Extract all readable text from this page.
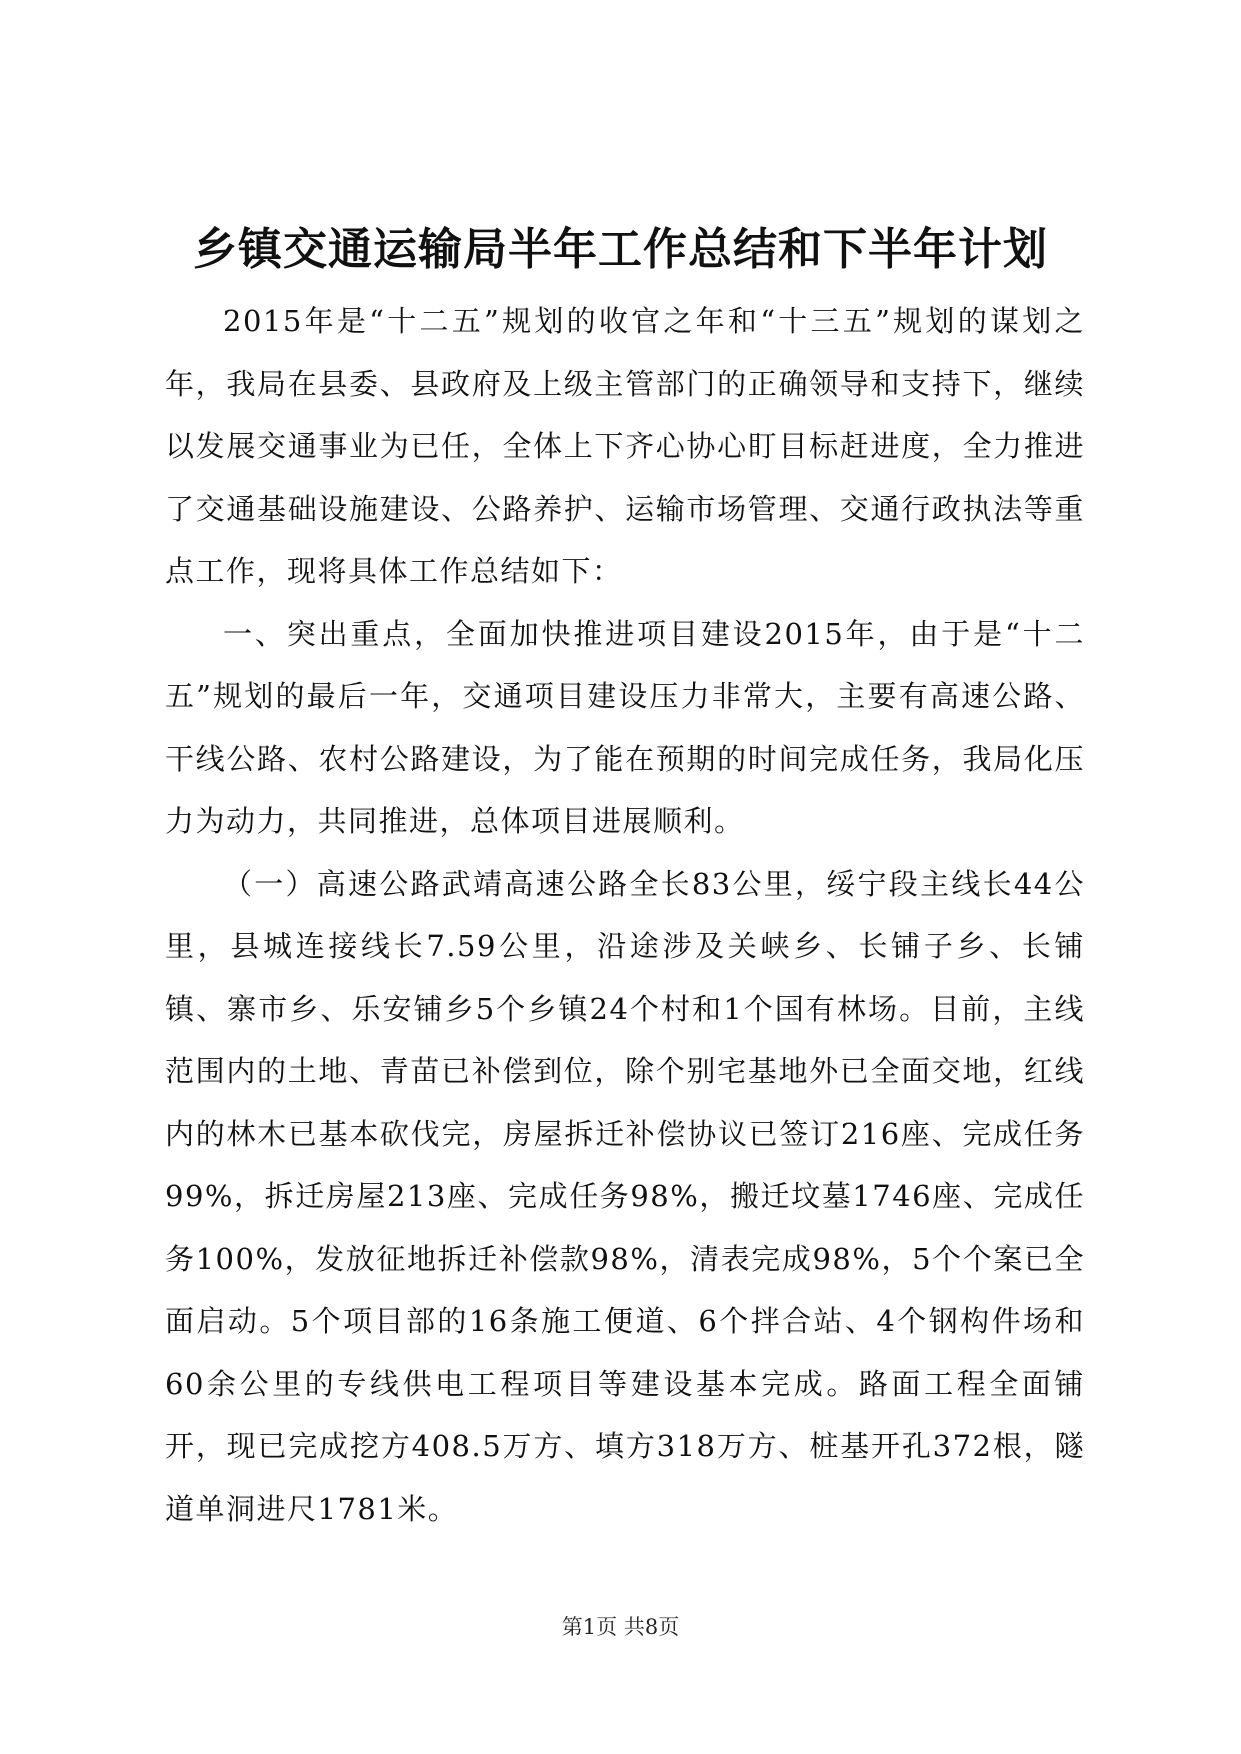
乡镇交通运输局半年工作总结和下半年计划

2015年是“十二五”规划的收官之年和“十三五”规划的谋划之年，我局在县委、县政府及上级主管部门的正确领导和支持下，继续以发展交通事业为已任，全体上下齐心协心盯目标赶进度，全力推进了交通基础设施建设、公路养护、运输市场管理、交通行政执法等重点工作，现将具体工作总结如下：

一、突出重点，全面加快推进项目建设2015年，由于是“十二五”规划的最后一年，交通项目建设压力非常大，主要有高速公路、干线公路、农村公路建设，为了能在预期的时间完成任务，我局化压力为动力，共同推进，总体项目进展顺利。

（一）高速公路武靖高速公路全长83公里，绥宁段主线长44公里，县城连接线长7.59公里，沿途涉及关峡乡、长铺子乡、长铺镇、寨市乡、乐安铺乡5个乡镇24个村和1个国有林场。目前，主线范围内的土地、青苗已补偿到位，除个别宅基地外已全面交地，红线内的林木已基本砍伐完，房屋拆迁补偿协议已签订216座、完成任务99%，拆迁房屋213座、完成任务98%，搬迁坟墓1746座、完成任务100%，发放征地拆迁补偿款98%，清表完成98%，5个个案已全面启动。5个项目部的16条施工便道、6个拌合站、4个钢构件场和60余公里的专线供电工程项目等建设基本完成。路面工程全面铺开，现已完成挖方408.5万方、填方318万方、桩基开孔372根，隧道单洞进尺1781米。

第1页 共8页
